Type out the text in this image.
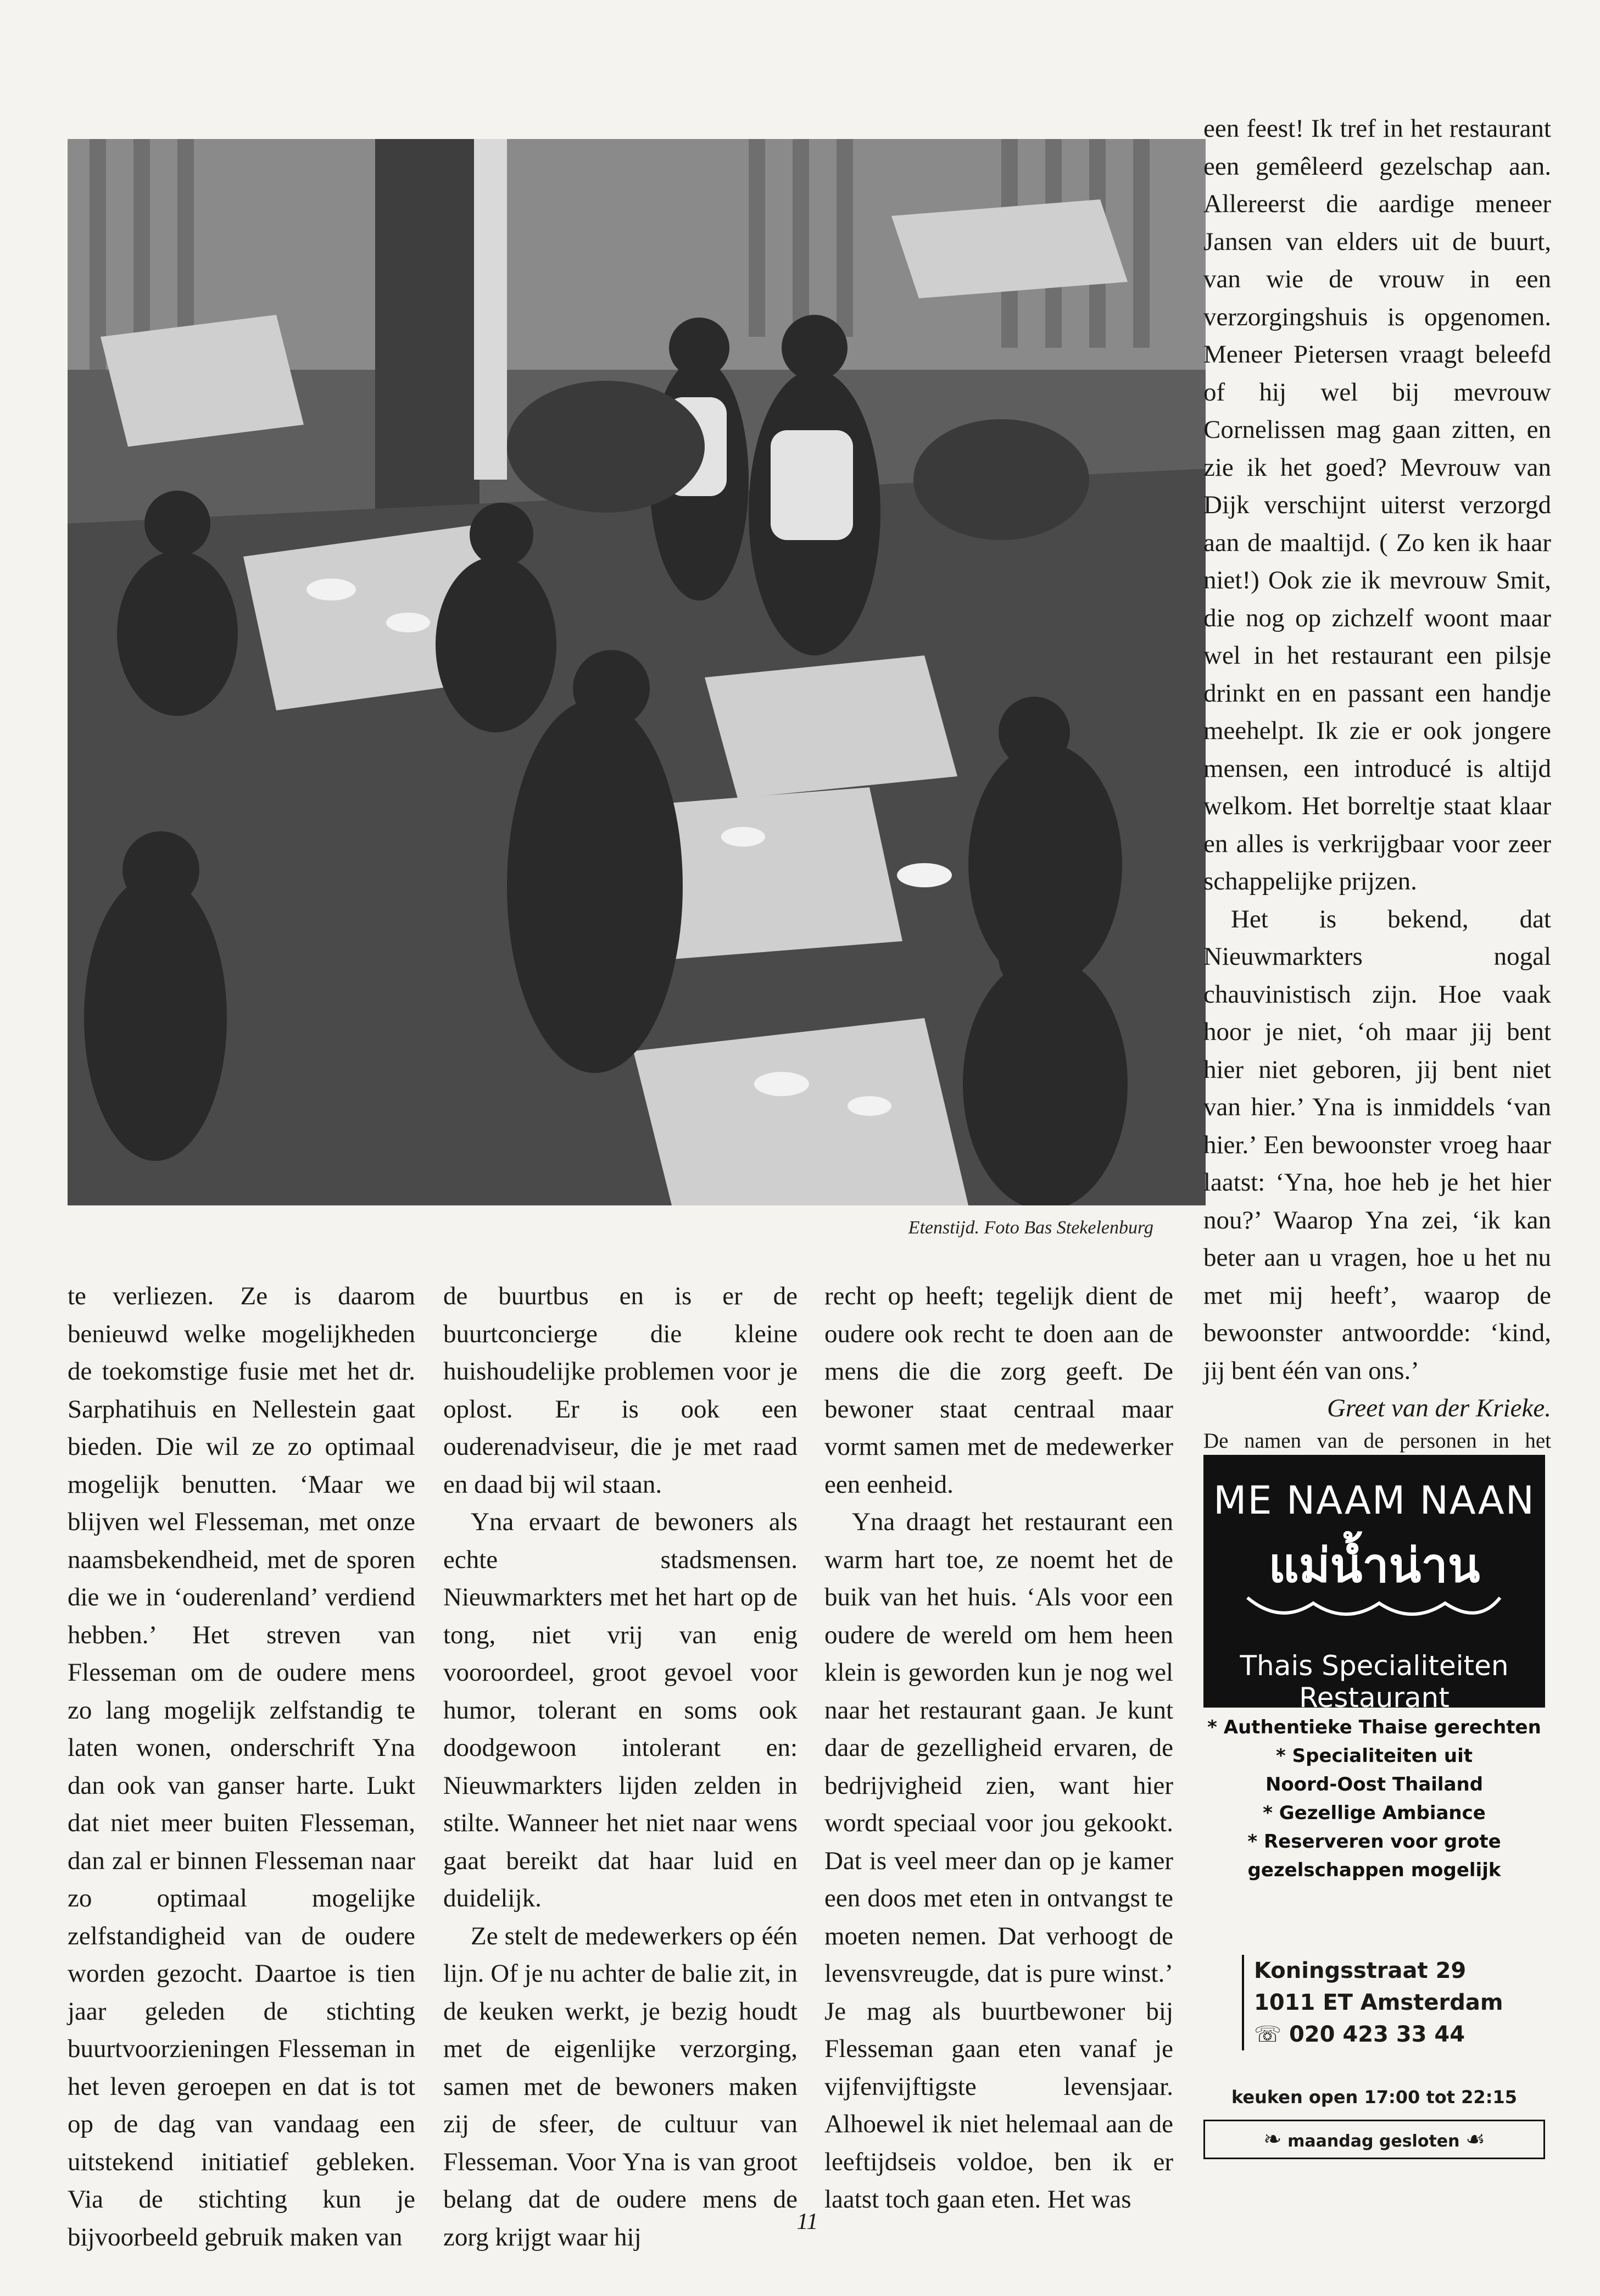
Etenstijd. Foto Bas Stekelenburg

te verliezen. Ze is daarom benieuwd welke mogelijkheden de toekomstige fusie met het dr. Sarphatihuis en Nellestein gaat bieden. Die wil ze zo optimaal mogelijk benutten. ‘Maar we blijven wel Flesseman, met onze naamsbekendheid, met de sporen die we in ‘ouderenland’ verdiend hebben.’ Het streven van Flesseman om de oudere mens zo lang mogelijk zelfstandig te laten wonen, onderschrift Yna dan ook van ganser harte. Lukt dat niet meer buiten Flesseman, dan zal er binnen Flesseman naar zo optimaal mogelijke zelfstandigheid van de oudere worden gezocht. Daartoe is tien jaar geleden de stichting buurtvoorzieningen Flesseman in het leven geroepen en dat is tot op de dag van vandaag een uitstekend initiatief gebleken. Via de stichting kun je bijvoorbeeld gebruik maken van

de buurtbus en is er de buurtconcierge die kleine huishoudelijke problemen voor je oplost. Er is ook een ouderenadviseur, die je met raad en daad bij wil staan.

Yna ervaart de bewoners als echte stadsmensen. Nieuwmarkters met het hart op de tong, niet vrij van enig vooroordeel, groot gevoel voor humor, tolerant en soms ook doodgewoon intolerant en: Nieuwmarkters lijden zelden in stilte. Wanneer het niet naar wens gaat bereikt dat haar luid en duidelijk.

Ze stelt de medewerkers op één lijn. Of je nu achter de balie zit, in de keuken werkt, je bezig houdt met de eigenlijke verzorging, samen met de bewoners maken zij de sfeer, de cultuur van Flesseman. Voor Yna is van groot belang dat de oudere mens de zorg krijgt waar hij

recht op heeft; tegelijk dient de oudere ook recht te doen aan de mens die die zorg geeft. De bewoner staat centraal maar vormt samen met de medewerker een eenheid.

Yna draagt het restaurant een warm hart toe, ze noemt het de buik van het huis. ‘Als voor een oudere de wereld om hem heen klein is geworden kun je nog wel naar het restaurant gaan. Je kunt daar de gezelligheid ervaren, de bedrijvigheid zien, want hier wordt speciaal voor jou gekookt. Dat is veel meer dan op je kamer een doos met eten in ontvangst te moeten nemen. Dat verhoogt de levensvreugde, dat is pure winst.’ Je mag als buurtbewoner bij Flesseman gaan eten vanaf je vijfenvijftigste levensjaar. Alhoewel ik niet helemaal aan de leeftijdseis voldoe, ben ik er laatst toch gaan eten. Het was

een feest! Ik tref in het restaurant een gemêleerd gezelschap aan. Allereerst die aardige meneer Jansen van elders uit de buurt, van wie de vrouw in een verzorgingshuis is opgenomen. Meneer Pietersen vraagt beleefd of hij wel bij mevrouw Cornelissen mag gaan zitten, en zie ik het goed? Mevrouw van Dijk verschijnt uiterst verzorgd aan de maaltijd. ( Zo ken ik haar niet!) Ook zie ik mevrouw Smit, die nog op zichzelf woont maar wel in het restaurant een pilsje drinkt en en passant een handje meehelpt. Ik zie er ook jongere mensen, een introducé is altijd welkom. Het borreltje staat klaar en alles is verkrijgbaar voor zeer schappelijke prijzen.

Het is bekend, dat Nieuwmarkters nogal chauvinistisch zijn. Hoe vaak hoor je niet, ‘oh maar jij bent hier niet geboren, jij bent niet van hier.’ Yna is inmiddels ‘van hier.’ Een bewoonster vroeg haar laatst: ‘Yna, hoe heb je het hier nou?’ Waarop Yna zei, ‘ik kan beter aan u vragen, hoe u het nu met mij heeft’, waarop de bewoonster antwoordde: ‘kind, jij bent één van ons.’

Greet van der Krieke.

De namen van de personen in het

ME NAAM NAAN
แม่น้ำน่าน
Thais Specialiteiten Restaurant
* Authentieke Thaise gerechten
* Specialiteiten uit
Noord-Oost Thailand
* Gezellige Ambiance
* Reserveren voor grote
gezelschappen mogelijk
Koningsstraat 29
1011 ET Amsterdam
☏ 020 423 33 44
keuken open 17:00 tot 22:15
❧ maandag gesloten ☙
11
